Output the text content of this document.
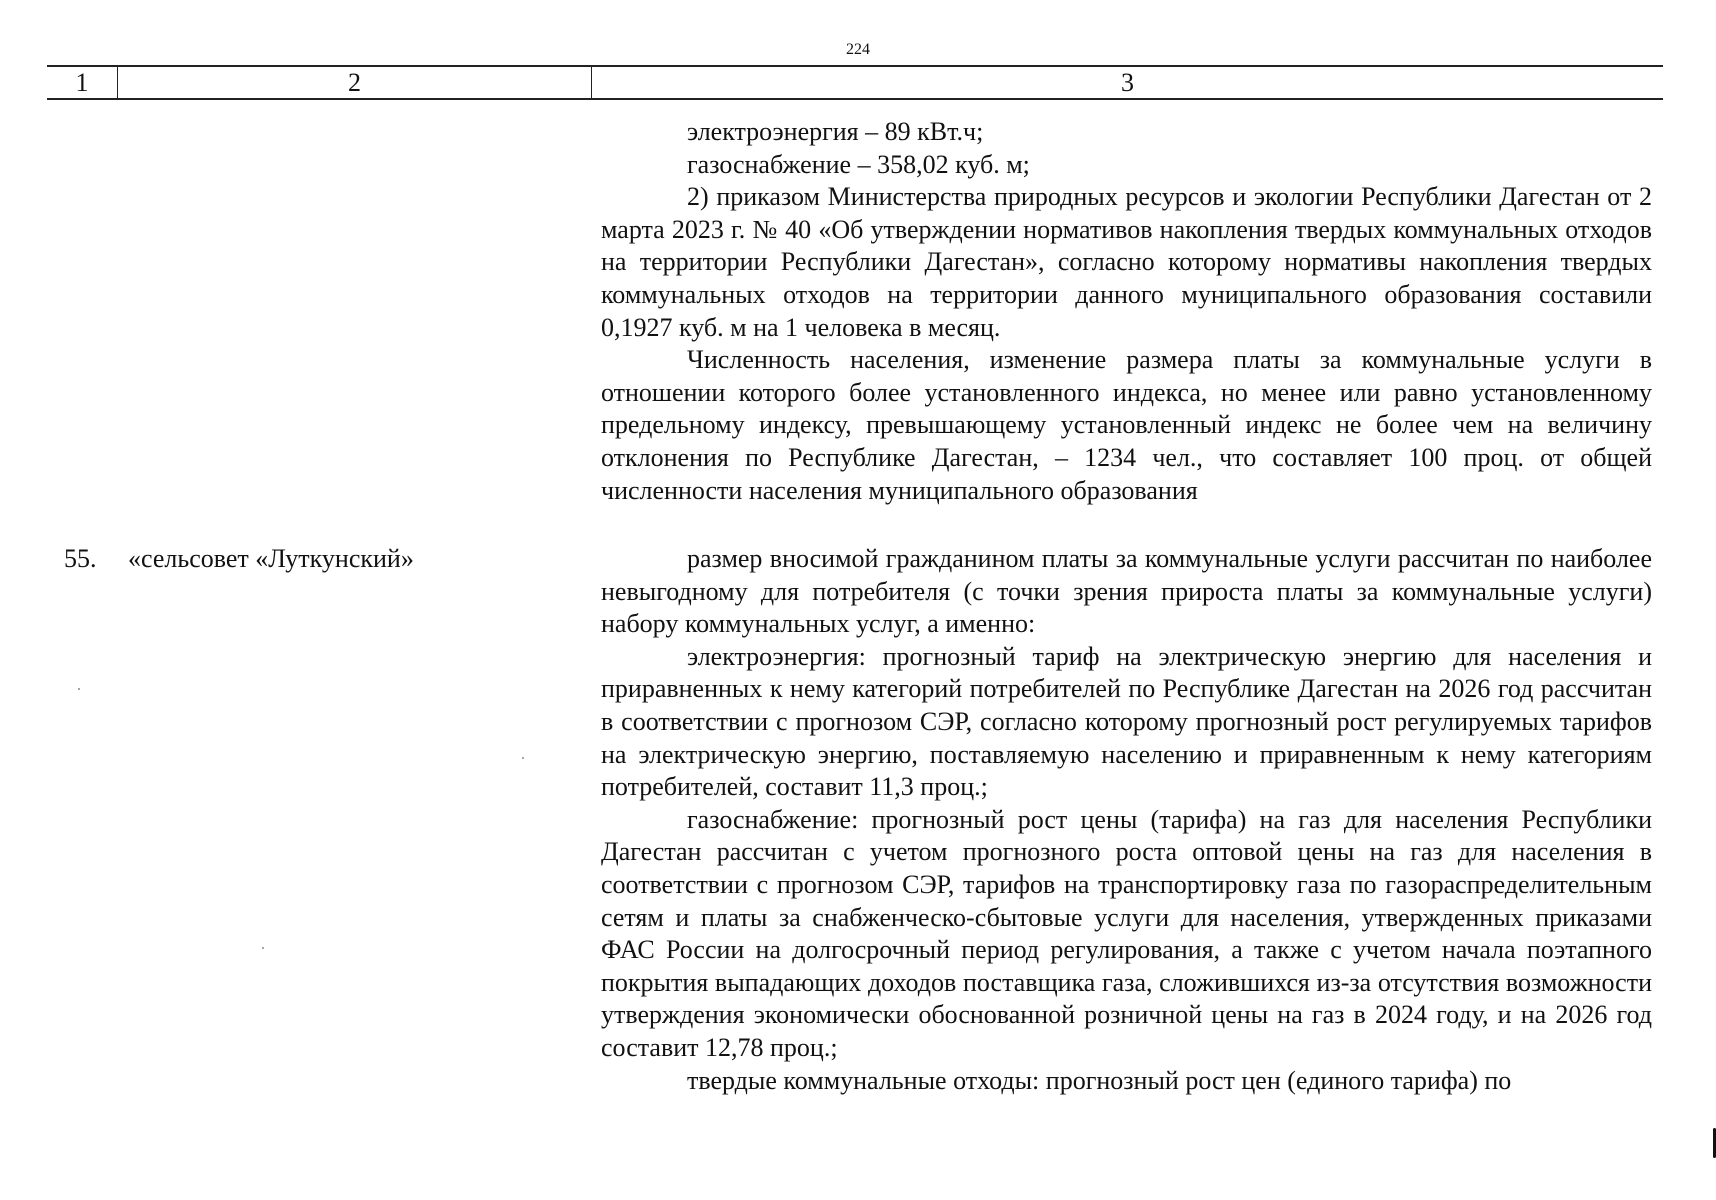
224
1	2	3

электроэнергия – 89 кВт.ч;

газоснабжение – 358,02 куб. м;

2) приказом Министерства природных ресурсов и экологии Республики Дагестан от 2 марта 2023 г. № 40 «Об утверждении нормативов накопления твердых коммунальных отходов на территории Республики Дагестан», согласно которому нормативы накопления твердых коммунальных отходов на территории данного муниципального образования составили 0,1927 куб. м на 1 человека в месяц.

Численность населения, изменение размера платы за коммунальные услуги в отношении которого более установленного индекса, но менее или равно установленному предельному индексу, превышающему установленный индекс не более чем на величину отклонения по Республике Дагестан, – 1234 чел., что составляет 100 проц. от общей численности населения муниципального образования

55. «сельсовет «Луткунский»	размер вносимой гражданином платы за коммунальные услуги рассчитан по наиболее невыгодному для потребителя (с точки зрения прироста платы за коммунальные услуги) набору коммунальных услуг, а именно:

электроэнергия: прогнозный тариф на электрическую энергию для населения и приравненных к нему категорий потребителей по Республике Дагестан на 2026 год рассчитан в соответствии с прогнозом СЭР, согласно которому прогнозный рост регулируемых тарифов на электрическую энергию, поставляемую населению и приравненным к нему категориям потребителей, составит 11,3 проц.;

газоснабжение: прогнозный рост цены (тарифа) на газ для населения Республики Дагестан рассчитан с учетом прогнозного роста оптовой цены на газ для населения в соответствии с прогнозом СЭР, тарифов на транспортировку газа по газораспределительным сетям и платы за снабженческо-сбытовые услуги для населения, утвержденных приказами ФАС России на долгосрочный период регулирования, а также с учетом начала поэтапного покрытия выпадающих доходов поставщика газа, сложившихся из-за отсутствия возможности утверждения экономически обоснованной розничной цены на газ в 2024 году, и на 2026 год составит 12,78 проц.;

твердые коммунальные отходы: прогнозный рост цен (единого тарифа) по
